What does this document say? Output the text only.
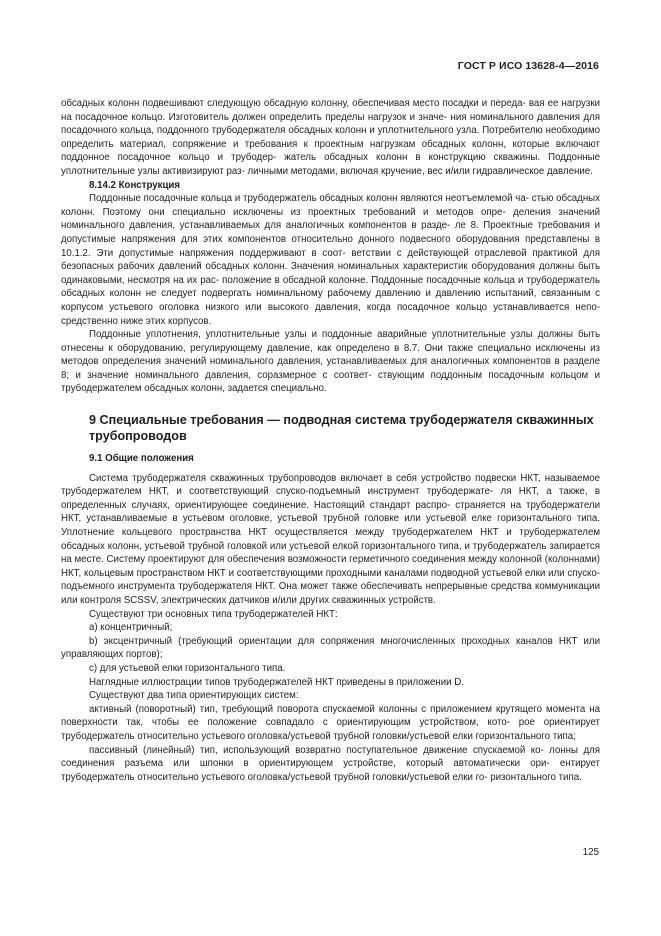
ГОСТ Р ИСО 13628-4—2016

обсадных колонн подвешивают следующую обсадную колонну, обеспечивая место посадки и переда- вая ее нагрузки на посадочное кольцо. Изготовитель должен определить пределы нагрузок и значе- ния номинального давления для посадочного кольца, поддонного трубодержателя обсадных колонн и уплотнительного узла. Потребителю необходимо определить материал, сопряжение и требования к проектным нагрузкам обсадных колонн, которые включают поддонное посадочное кольцо и трубодер- жатель обсадных колонн в конструкцию скважины. Поддонные уплотнительные узлы активизируют раз- личными методами, включая кручение, вес и/или гидравлическое давление.

8.14.2 Конструкция

Поддонные посадочные кольца и трубодержатель обсадных колонн являются неотъемлемой ча- стью обсадных колонн. Поэтому они специально исключены из проектных требований и методов опре- деления значений номинального давления, устанавливаемых для аналогичных компонентов в разде- ле 8. Проектные требования и допустимые напряжения для этих компонентов относительно донного подвесного оборудования представлены в 10.1.2. Эти допустимые напряжения поддерживают в соот- ветствии с действующей отраслевой практикой для безопасных рабочих давлений обсадных колонн. Значения номинальных характеристик оборудования должны быть одинаковыми, несмотря на их рас- положение в обсадной колонне. Поддонные посадочные кольца и трубодержатель обсадных колонн не следует подвергать номинальному рабочему давлению и давлению испытаний, связанным с корпусом устьевого оголовка низкого или высокого давления, когда посадочное кольцо устанавливается непо- средственно ниже этих корпусов.

Поддонные уплотнения, уплотнительные узлы и поддонные аварийные уплотнительные узлы должны быть отнесены к оборудованию, регулирующему давление, как определено в 8.7. Они также специально исключены из методов определения значений номинального давления, устанавливаемых для аналогичных компонентов в разделе 8; и значение номинального давления, соразмерное с соответ- ствующим поддонным посадочным кольцом и трубодержателем обсадных колонн, задается специально.

9 Специальные требования — подводная система трубодержателя скважинных трубопроводов

9.1 Общие положения

Система трубодержателя скважинных трубопроводов включает в себя устройство подвески НКТ, называемое трубодержателем НКТ, и соответствующий спуско-подъемный инструмент трубодержате- ля НКТ, а также, в определенных случаях, ориентирующее соединение. Настоящий стандарт распро- страняется на трубодержатели НКТ, устанавливаемые в устьевом оголовке, устьевой трубной головке или устьевой елке горизонтального типа. Уплотнение кольцевого пространства НКТ осуществляется между трубодержателем НКТ и трубодержателем обсадных колонн, устьевой трубной головкой или устьевой елкой горизонтального типа, и трубодержатель запирается на месте. Систему проектируют для обеспечения возможности герметичного соединения между колонной (колоннами) НКТ, кольцевым пространством НКТ и соответствующими проходными каналами подводной устьевой елки или спуско- подъемного инструмента трубодержателя НКТ. Она может также обеспечивать непрерывные средства коммуникации или контроля SCSSV, электрических датчиков и/или других скважинных устройств.

Существуют три основных типа трубодержателей НКТ:

а) концентричный;

b) эксцентричный (требующий ориентации для сопряжения многочисленных проходных каналов НКТ или управляющих портов);

с) для устьевой елки горизонтального типа.

Наглядные иллюстрации типов трубодержателей НКТ приведены в приложении D.

Существуют два типа ориентирующих систем:

активный (поворотный) тип, требующий поворота спускаемой колонны с приложением крутящего момента на поверхности так, чтобы ее положение совпадало с ориентирующим устройством, кото- рое ориентирует трубодержатель относительно устьевого оголовка/устьевой трубной головки/устьевой елки горизонтального типа;

пассивный (линейный) тип, использующий возвратно поступательное движение спускаемой ко- лонны для соединения разъема или шпонки в ориентирующем устройстве, который автоматически ори- ентирует трубодержатель относительно устьевого оголовка/устьевой трубной головки/устьевой елки го- ризонтального типа.

125
